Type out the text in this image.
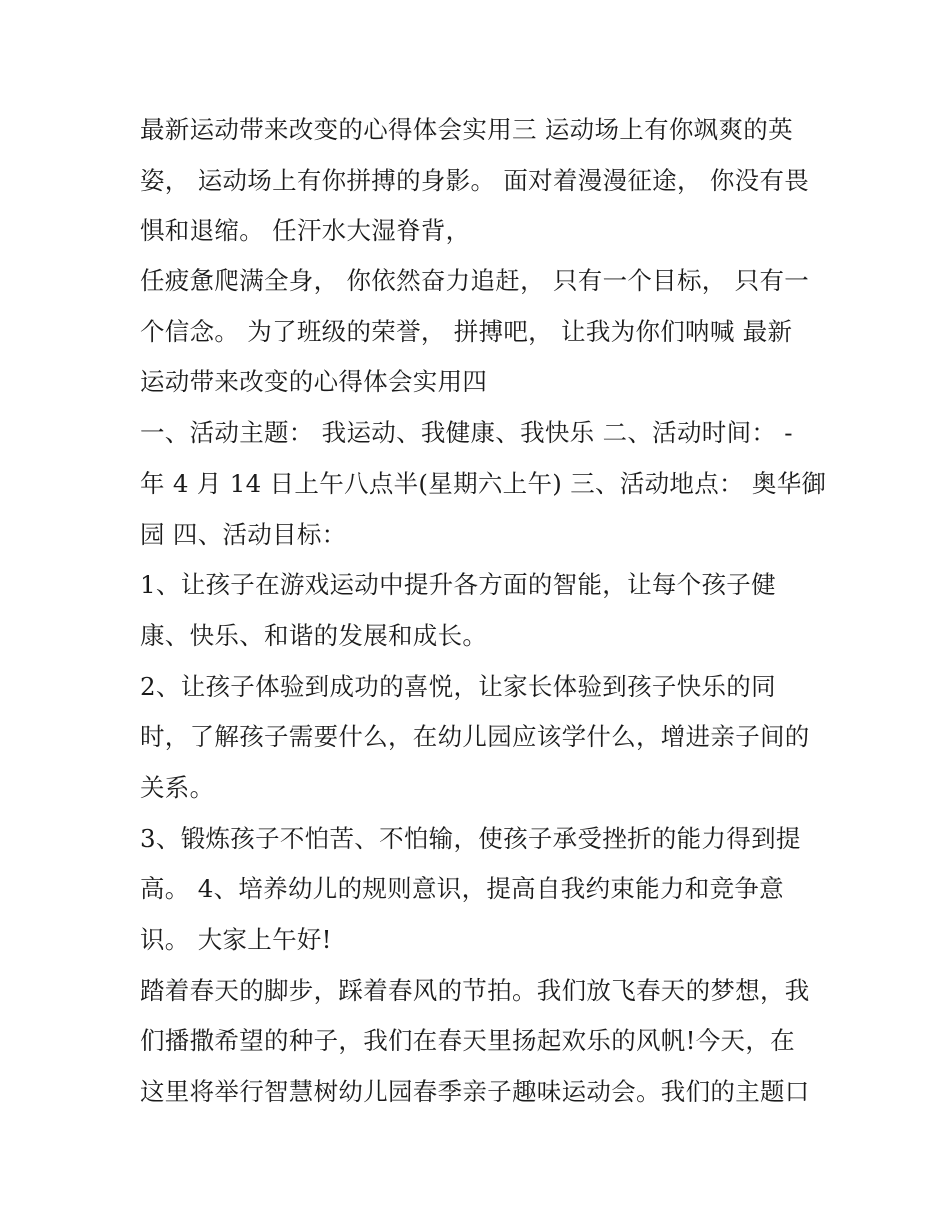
最新运动带来改变的心得体会实用三 运动场上有你飒爽的英
姿， 运动场上有你拼搏的身影。 面对着漫漫征途， 你没有畏
惧和退缩。 任汗水大湿脊背，
任疲惫爬满全身， 你依然奋力追赶， 只有一个目标， 只有一
个信念。 为了班级的荣誉， 拼搏吧， 让我为你们呐喊 最新
运动带来改变的心得体会实用四
一、活动主题： 我运动、我健康、我快乐 二、活动时间： -
年 4 月 14 日上午八点半(星期六上午) 三、活动地点： 奥华御
园 四、活动目标：
1、让孩子在游戏运动中提升各方面的智能，让每个孩子健
康、快乐、和谐的发展和成长。
2、让孩子体验到成功的喜悦，让家长体验到孩子快乐的同
时，了解孩子需要什么，在幼儿园应该学什么，增进亲子间的
关系。
3、锻炼孩子不怕苦、不怕输，使孩子承受挫折的能力得到提
高。 4、培养幼儿的规则意识，提高自我约束能力和竞争意
识。 大家上午好!
踏着春天的脚步，踩着春风的节拍。我们放飞春天的梦想，我
们播撒希望的种子，我们在春天里扬起欢乐的风帆!今天，在
这里将举行智慧树幼儿园春季亲子趣味运动会。我们的主题口
